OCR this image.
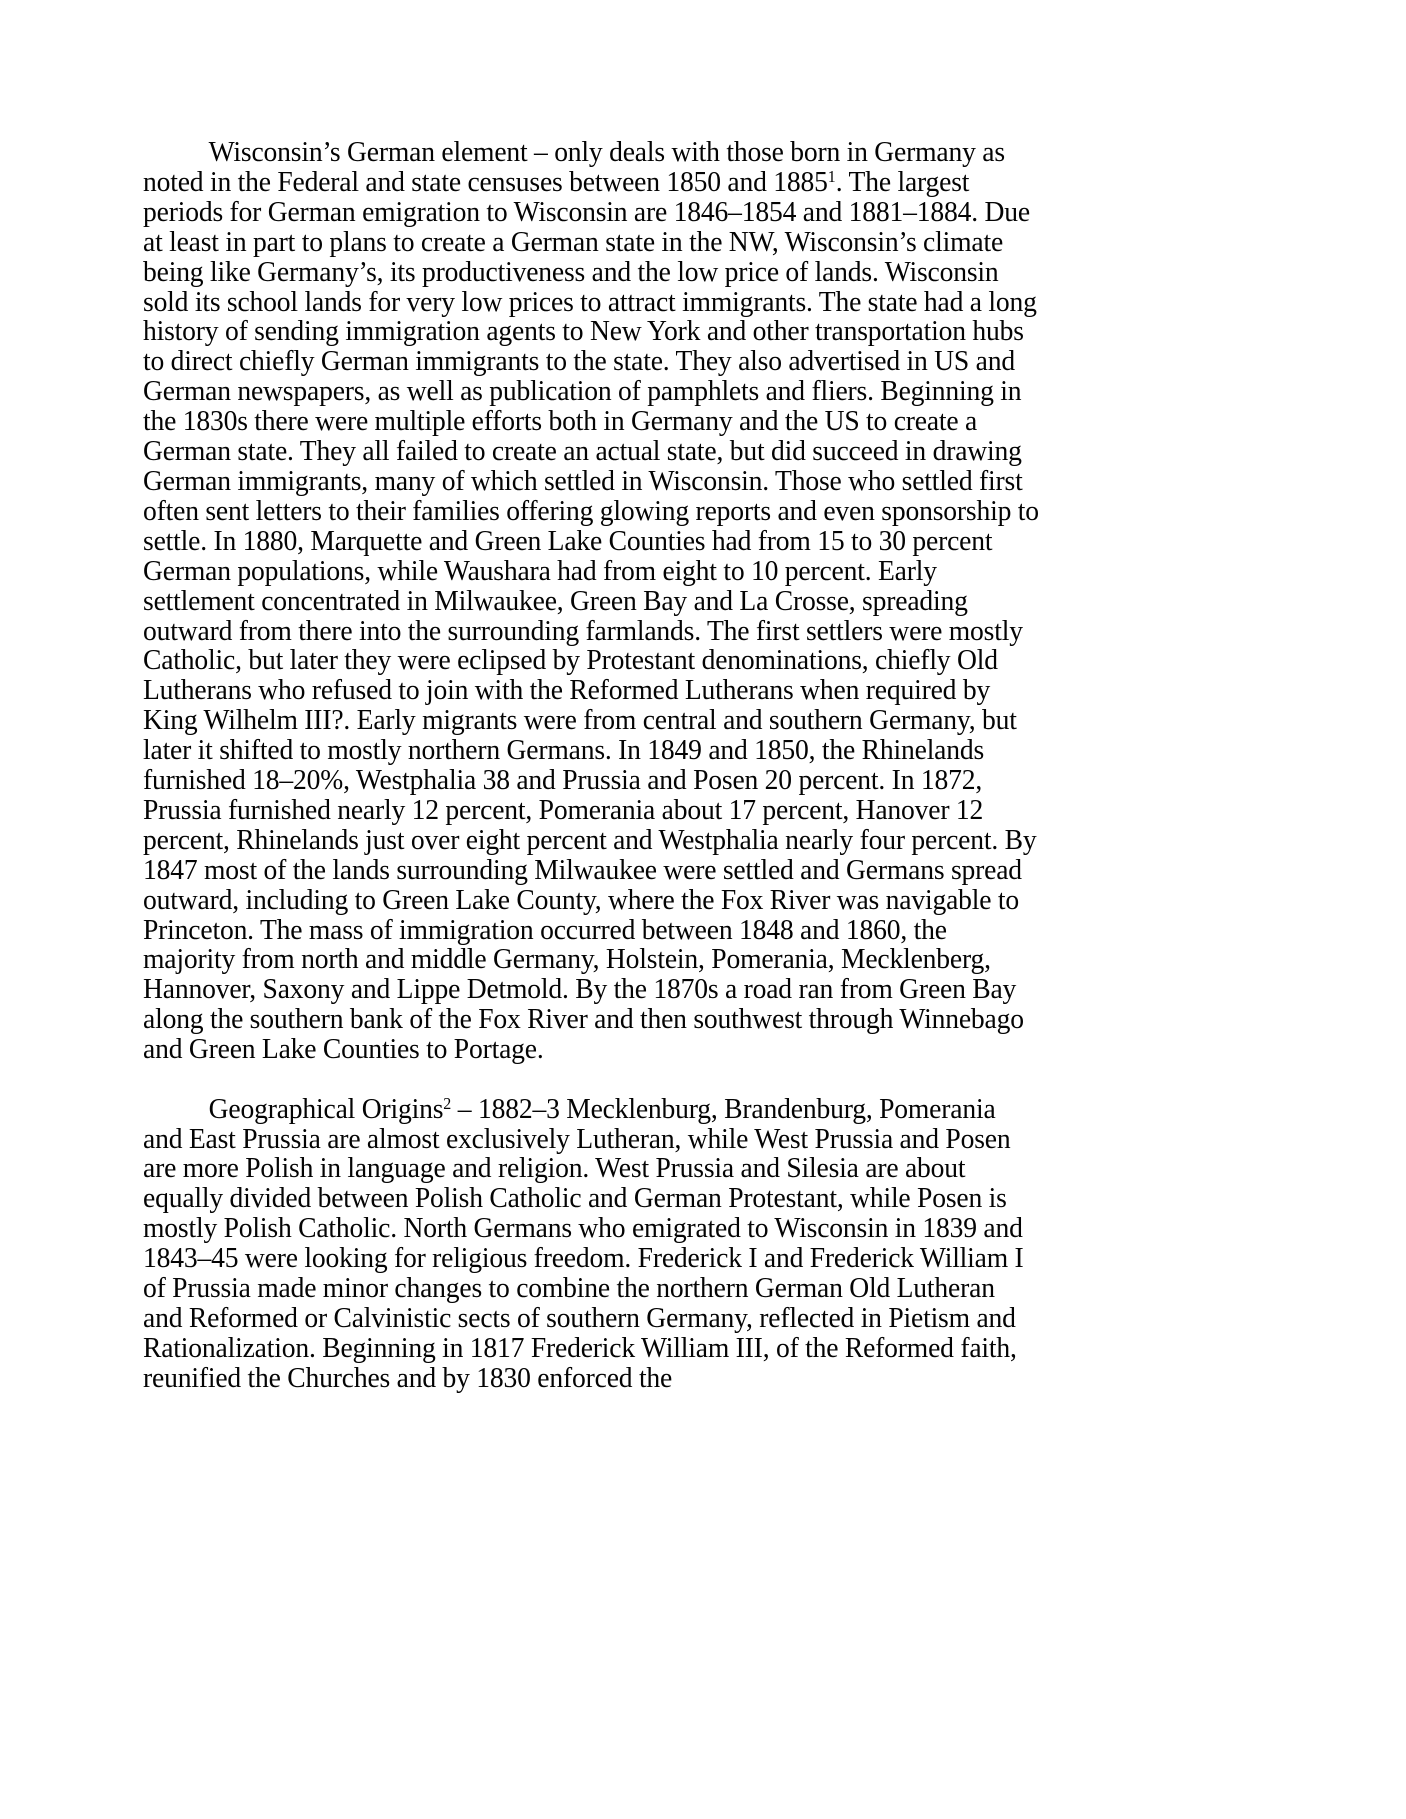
Wisconsin’s German element – only deals with those born in Germany as noted in the Federal and state censuses between 1850 and 1885$^1$. The largest periods for German emigration to Wisconsin are 1846–1854 and 1881–1884. Due at least in part to plans to create a German state in the NW, Wisconsin’s climate being like Germany’s, its productiveness and the low price of lands. Wisconsin sold its school lands for very low prices to attract immigrants. The state had a long history of sending immigration agents to New York and other transportation hubs to direct chiefly German immigrants to the state. They also advertised in US and German newspapers, as well as publication of pamphlets and fliers. Beginning in the 1830s there were multiple efforts both in Germany and the US to create a German state. They all failed to create an actual state, but did succeed in drawing German immigrants, many of which settled in Wisconsin. Those who settled first often sent letters to their families offering glowing reports and even sponsorship to settle. In 1880, Marquette and Green Lake Counties had from 15 to 30 percent German populations, while Waushara had from eight to 10 percent. Early settlement concentrated in Milwaukee, Green Bay and La Crosse, spreading outward from there into the surrounding farmlands. The first settlers were mostly Catholic, but later they were eclipsed by Protestant denominations, chiefly Old Lutherans who refused to join with the Reformed Lutherans when required by King Wilhelm III?. Early migrants were from central and southern Germany, but later it shifted to mostly northern Germans. In 1849 and 1850, the Rhinelands furnished 18–20%, Westphalia 38 and Prussia and Posen 20 percent. In 1872, Prussia furnished nearly 12 percent, Pomerania about 17 percent, Hanover 12 percent, Rhinelands just over eight percent and Westphalia nearly four percent. By 1847 most of the lands surrounding Milwaukee were settled and Germans spread outward, including to Green Lake County, where the Fox River was navigable to Princeton. The mass of immigration occurred between 1848 and 1860, the majority from north and middle Germany, Holstein, Pomerania, Mecklenberg, Hannover, Saxony and Lippe Detmold. By the 1870s a road ran from Green Bay along the southern bank of the Fox River and then southwest through Winnebago and Green Lake Counties to Portage.

Geographical Origins$^2$ – 1882–3 Mecklenburg, Brandenburg, Pomerania and East Prussia are almost exclusively Lutheran, while West Prussia and Posen are more Polish in language and religion. West Prussia and Silesia are about equally divided between Polish Catholic and German Protestant, while Posen is mostly Polish Catholic. North Germans who emigrated to Wisconsin in 1839 and 1843–45 were looking for religious freedom. Frederick I and Frederick William I of Prussia made minor changes to combine the northern German Old Lutheran and Reformed or Calvinistic sects of southern Germany, reflected in Pietism and Rationalization. Beginning in 1817 Frederick William III, of the Reformed faith, reunified the Churches and by 1830 enforced the
